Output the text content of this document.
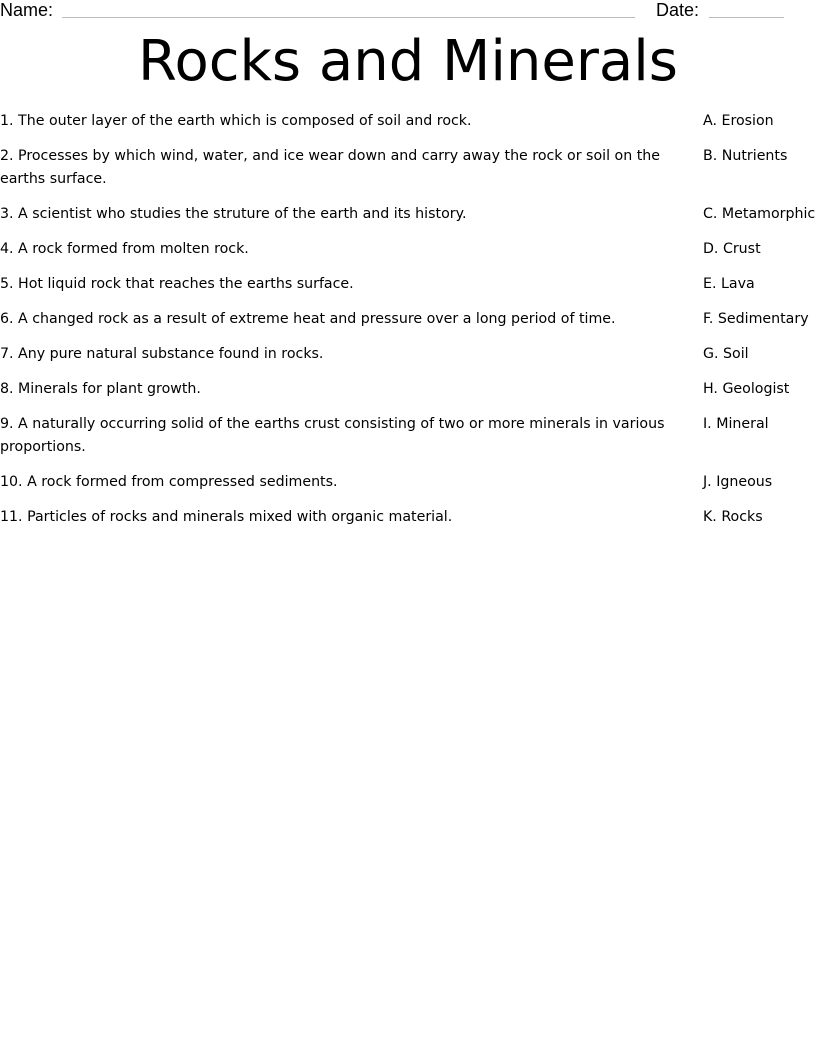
Name:	Date:
Rocks and Minerals
1. The outer layer of the earth which is composed of soil and rock.	A. Erosion
2. Processes by which wind, water, and ice wear down and carry away the rock or soil on the earths surface.
B. Nutrients
3. A scientist who studies the struture of the earth and its history.	C. Metamorphic
4. A rock formed from molten rock.	D. Crust
5. Hot liquid rock that reaches the earths surface.	E. Lava
6. A changed rock as a result of extreme heat and pressure over a long period of time.	F. Sedimentary
7. Any pure natural substance found in rocks.	G. Soil
8. Minerals for plant growth.	H. Geologist
9. A naturally occurring solid of the earths crust consisting of two or more minerals in various proportions.
I. Mineral
10. A rock formed from compressed sediments.	J. Igneous
11. Particles of rocks and minerals mixed with organic material.	K. Rocks
